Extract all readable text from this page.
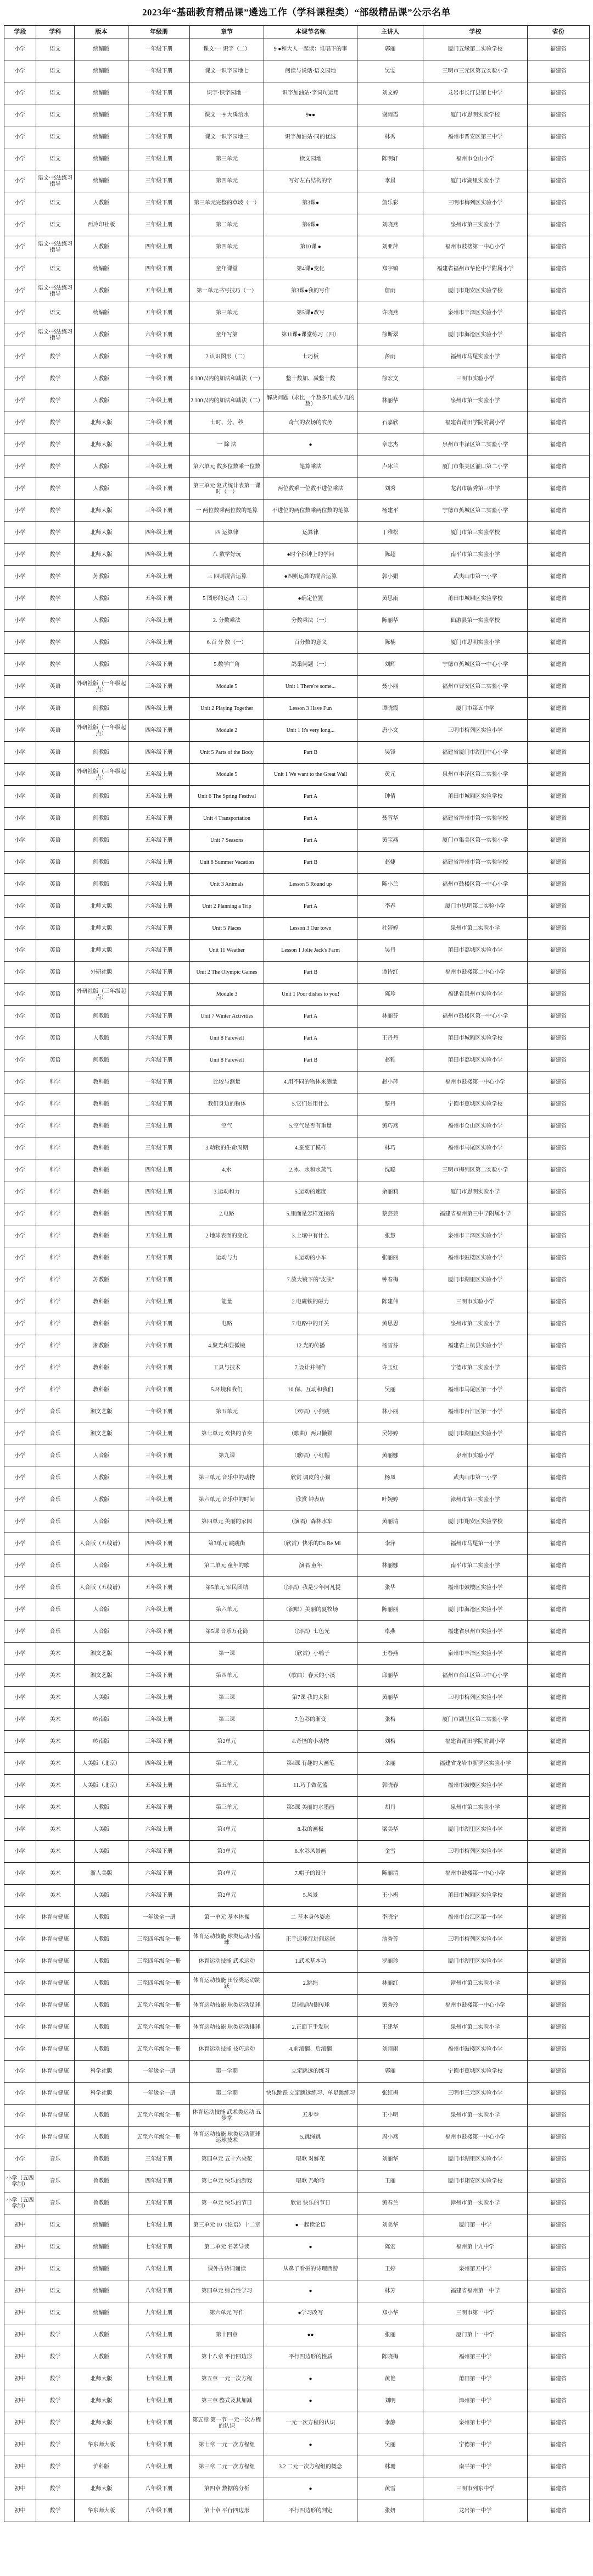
2023年“基础教育精品课”遴选工作（学科课程类）“部级精品课”公示名单
学段	学科	版本	年级册	章节	本课节名称	主讲人	学校	省份
小学	语文	统编版	一年级下册	课文·一 识字（二）	9 ●和大人一起读：谁唱下的事	郭丽	厦门五缘第二实验学校	福建省
小学	语文	统编版	一年级下册	课文一识字园地七	阅读与说话·语文园地	吴雯	三明市三元区第五实验小学	福建省
小学	语文	统编版	一年级下册	识字·识字园地一	识字加油站·字词句运用	刘文婷	龙岩市长汀县第七中学	福建省
小学	语文	统编版	二年级下册	课文一·9 大禹治水	9●●	谢雨霞	厦门市思明实验学校	福建省
小学	语文	统编版	二年级下册	课文一识字园地三	识字加油站·同的优选	林秀	福州市晋安区第三中学	福建省
小学	语文	统编版	三年级上册	第三单元	读文园地	陈明轩	福州市仓山小学	福建省
小学	语文·书法练习指导	统编版	三年级下册	第四单元	写好左右结构的字	李晨	厦门市湖里实验小学	福建省
小学	语文	人教版	三年级下册	第三单元完整的草坡（一）	第3课●	詹乐彩	三明市梅列区实验小学	福建省
小学	语文	西冷印社版	三年级上册	第二单元	第6课●	刘晓燕	泉州市第三实验小学	福建省
小学	语文·书法练习指导	人教版	四年级上册	第四单元	第10课 ●	刘亚萍	福州市鼓楼第一中心小学	福建省
小学	语文	统编版	四年级下册	童年课堂	第4课●变化	郑宇镇	福建省福州市华伦中学附属小学	福建省
小学	语文·书法练习指导	人教版	五年级上册	第一单元书写技巧（一）	第3课●我的写作	詹雨	厦门市翔安区实验学校	福建省
小学	语文	统编版	五年级下册	第三单元	第5课●改写	许晓燕	泉州市丰泽区实验小学	福建省
小学	语文·书法练习指导	人教版	六年级下册	童年写第	第11课●课堂练习（四）	徐斯翠	厦门市海沧区实验小学	福建省
小学	数学	人教版	一年级下册	2.认识图形（二）	七巧板	彭雨	福州市马尾实验小学	福建省
小学	数学	人教版	一年级下册	6.100以内的加法和减法（一）	整十数加、减整十数	徐宏文	三明市实验小学	福建省
小学	数学	人教版	二年级上册	2.100以内的加法和减法（二）	解决问题（求比一个数多几或少几的数）	林丽华	泉州市第一实验小学	福建省
小学	数学	北师大版	二年级下册	七时、分、秒	奇气的农场的农务	石嘉欣	福建省莆田学院附属小学	福建省
小学	数学	北师大版	三年级上册	一 除 法	●	章志杰	泉州市丰泽区第二实验小学	福建省
小学	数学	人教版	三年级上册	第六单元 数多位数乘一位数	笔算乘法	卢冰兰	厦门市集美区灌口第二小学	福建省
小学	数学	人教版	三年级下册	第三单元 复式统计表第一课时（一）	两位数乘一位数不进位乘法	刘秀	龙岩市毓秀第三中学	福建省
小学	数学	北师大版	三年级下册	一 两位数乘两位数的笔算	不进位的两位数乘两位数的笔算	杨建平	宁德市蕉城区第二实验小学	福建省
小学	数学	北师大版	四年级上册	四 运算律	运算律	丁雅松	厦门市第三实验学校	福建省
小学	数学	北师大版	四年级上册	八 数学好玩	●时个秒钟上的学问	陈超	南平市第二实验小学	福建省
小学	数学	苏教版	五年级上册	三 四则混合运算	●四则运算的混合运算	郭小娟	武夷山市第一小学	福建省
小学	数学	人教版	五年级下册	5 图形的运动（三）	●确定位置	黄思雨	莆田市城厢区实验学校	福建省
小学	数学	人教版	六年级上册	2. 分数乘法	分数乘法（一）	陈丽华	仙游县第一实验学校	福建省
小学	数学	人教版	六年级上册	6.百 分 数（一）	百分数的意义	陈楠	厦门市思明实验小学	福建省
小学	数学	人教版	六年级下册	5.数学广角	鸽巢问题（一）	刘辉	宁德市蕉城区第一中心小学	福建省
小学	英语	外研社版（一年级起点）	三年级下册	Module 5	Unit 1 There're some...	聂小丽	福州市晋安区第二实验小学	福建省
小学	英语	闽教版	四年级上册	Unit 2 Playing Together	Lesson 3 Have Fun	谭晓霞	厦门市第五中学	福建省
小学	英语	外研社版（一年级起点）	四年级下册	Module 2	Unit 1 It's very long...	唐小文	三明市梅列区实验小学	福建省
小学	英语	闽教版	四年级下册	Unit 5 Parts of the Body	Part B	吴锋	福建省厦门市湖里中心小学	福建省
小学	英语	外研社版（三年级起点）	五年级上册	Module 5	Unit 1 We want to the Great Wall	黄元	泉州市丰泽区第二实验小学	福建省
小学	英语	闽教版	五年级上册	Unit 6 The Spring Festival	Part A	钟倩	莆田市城厢区实验学校	福建省
小学	英语	闽教版	五年级下册	Unit 4 Transportation	Part A	聂蓉华	福建省漳州市第一实验学校	福建省
小学	英语	闽教版	五年级下册	Unit 7 Seasons	Part A	黄宝燕	厦门市集美区第一实验小学	福建省
小学	英语	闽教版	六年级上册	Unit 8 Summer Vacation	Part B	赵婕	福建省漳州市第一实验学校	福建省
小学	英语	闽教版	六年级上册	Unit 3 Animals	Lesson 5 Round up	陈小兰	福州市鼓楼区第一中心小学	福建省
小学	英语	北师大版	六年级上册	Unit 2 Planning a Trip	Part A	李春	厦门市思明第二实验小学	福建省
小学	英语	北师大版	六年级下册	Unit 5 Places	Lesson 3 Our town	杜婷婷	泉州市第二实验小学	福建省
小学	英语	北师大版	六年级下册	Unit 11 Weather	Lesson 1 Jolie Jack's Farm	吴丹	莆田市荔城区实验小学	福建省
小学	英语	外研社版	六年级下册	Unit 2 The Olympic Games	Part B	谭诗红	福州市鼓楼第二中心小学	福建省
小学	英语	外研社版（三年级起点）	六年级下册	Module 3	Unit 1 Poor dishes to you!	陈珍	福建省泉州市实验小学	福建省
小学	英语	闽教版	六年级下册	Unit 7 Winter Activities	Part A	林丽芬	福州市鼓楼区第一中心小学	福建省
小学	英语	人教版	六年级下册	Unit 8 Farewell	Part A	王丹丹	莆田市城厢区实验学校	福建省
小学	英语	闽教版	六年级下册	Unit 8 Farewell	Part B	赵雅	莆田市荔城区实验小学	福建省
小学	科学	教科版	一年级下册	比较与测量	4.用不同的物体来测量	赵小萍	福州市鼓楼第一中心小学	福建省
小学	科学	教科版	二年级下册	我们身边的物体	5.它们是用什么	蔡丹	宁德市蕉城区实验学校	福建省
小学	科学	教科版	三年级上册	空气	5.空气是否有重量	黄巧燕	福州市仓山区实验小学	福建省
小学	科学	教科版	三年级下册	3.动物的生命周期	4.蚕变了模样	林巧	福州市马尾区实验小学	福建省
小学	科学	教科版	四年级上册	4.水	2.冰、水和水蒸气	沈聪	三明市梅列区第二实验小学	福建省
小学	科学	教科版	四年级上册	3.运动和力	5.运动的速度	余丽莉	厦门市思明实验小学	福建省
小学	科学	教科版	四年级下册	2.电路	5.里面是怎样连接的	蔡芸芸	福建省福州第三中学附属小学	福建省
小学	科学	教科版	五年级上册	2.地球表面的变化	3.土壤中有什么	张慧	泉州市丰泽区实验小学	福建省
小学	科学	教科版	五年级下册	运动与力	6.运动的小车	张丽丽	福州市鼓楼区实验小学	福建省
小学	科学	苏教版	五年级下册		7.放大镜下的"皮肤"	钟春梅	厦门市湖里区实验小学	福建省
小学	科学	教科版	六年级上册	能量	2.电磁铁的磁力	陈建伟	三明市实验小学	福建省
小学	科学	教科版	六年级下册	电路	7.电路中的开关	黄思思	泉州市第二实验小学	福建省
小学	科学	湘教版	六年级下册	4.聚光和显微镜	12.光的传播	杨雪芬	福建省上杭县实验小学	福建省
小学	科学	教科版	六年级下册	工具与技术	7.设计并制作	许玉红	宁德市第二实验小学	福建省
小学	科学	教科版	六年级下册	5.环境和我们	10.保、互动和我们	吴丽	福州市马尾区第一小学	福建省
小学	音乐	湘文艺版	一年级下册	第五单元	（欢唱）小熊跳	林小丽	福州市台江区第一小学	福建省
小学	音乐	湘文艺版	二年级上册	第七单元 欢快的节奏	（歌曲）两只懒猫	吴婷婷	厦门市湖里区实验小学	福建省
小学	音乐	人音版	三年级下册	第九课	（歌唱）小红帽	黄丽娜	泉州市实验小学	福建省
小学	音乐	人教版	三年级上册	第三单元 音乐中的动物	欣赏 调皮的小猫	杨凤	武夷山市第一小学	福建省
小学	音乐	人教版	三年级上册	第六单元 音乐中的时间	欣赏 钟表店	叶婉婷	漳州市第三实验小学	福建省
小学	音乐	人音版	四年级上册	第四单元 美丽的家园	（演唱）森林水车	黄丽清	厦门市翔安区实验学校	福建省
小学	音乐	人音版（五线谱）	四年级下册	第3单元 跳跳街	（欣赏）快乐的Do Re Mi	李萍	福州市马尾第一小学	福建省
小学	音乐	人音版	五年级上册	第二单元 童年的歌	演唱 童年	林丽娜	南平市第二实验小学	福建省
小学	音乐	人音版（五线谱）	五年级下册	第5单元 军民团结	（演唱）我是少年阿凡提	张华	福州市鼓楼区实验小学	福建省
小学	音乐	人音版	六年级上册	第六单元	（演唱）美丽的夏牧场	陈丽丽	厦门市海沧区实验小学	福建省
小学	音乐	人音版	六年级下册	第5课 音乐万花筒	（演唱）七色光	卓燕	福建省泉州市实验小学	福建省
小学	美术	湘文艺版	一年级下册	第一课	（欣赏）小鸭子	王春燕	泉州市丰泽区实验小学	福建省
小学	美术	湘文艺版	二年级下册	第四单元	（歌曲）春天的小溪	邱丽华	福州市台江区第三中心小学	福建省
小学	美术	人美版	三年级上册	第三课	第7课 我的太阳	黄丽华	三明市梅列区实验小学	福建省
小学	美术	岭南版	三年级上册	第三课	7.色彩的渐变	张梅	厦门市湖里区第二实验小学	福建省
小学	美术	岭南版	三年级下册	第2单元	4.奇怪的小动物	刘梅	福建省莆田学院附属小学	福建省
小学	美术	人美版（北京）	四年级上册	第二单元	第4课 有趣的大画笔	余丽	福建省龙岩市新罗区实验小学	福建省
小学	美术	人美版（北京）	五年级上册	第五单元	11.巧手做花篮	郭晓春	福州市鼓楼区实验小学	福建省
小学	美术	人教版	五年级下册	第三单元	第5课 美丽的水墨画	胡丹	泉州市第二实验小学	福建省
小学	美术	人美版	六年级上册	第4单元	8.我的画板	梁美华	厦门市湖里区实验小学	福建省
小学	美术	人美版	六年级下册	第3单元	6.水彩风景画	金雪	三明市梅列区实验小学	福建省
小学	美术	浙人美版	六年级下册	第4单元	7.帽子的设计	陈丽清	福州市鼓楼第一中心小学	福建省
小学	美术	人美版	六年级下册	第2单元	5.风景	王小梅	莆田市城厢区实验学校	福建省
小学	体育与健康	人教版	一年级全一册	第一单元 基本体操	二 基本身体姿态	李晓宁	福州市台江区第一小学	福建省
小学	体育与健康	人教版	三至四年级全一册	体育运动技能 球类运动小篮球	正手运球行进间运球	池秀芳	三明市梅列区实验小学	福建省
小学	体育与健康	人教版	三至四年级全一册	体育运动技能 武术运动	1.武术基本功	罗丽珍	厦门市湖里区实验小学	福建省
小学	体育与健康	人教版	三至四年级全一册	体育运动技能 田径类运动跳跃	2.跳绳	林丽红	漳州市第三实验小学	福建省
小学	体育与健康	人教版	五至六年级全一册	体育运动技能 球类运动足球	足球脚内侧传球	黄秀玲	福州市鼓楼第一中心小学	福建省
小学	体育与健康	人教版	五至六年级全一册	体育运动技能 球类运动排球	2.正面下手发球	王建华	泉州市第二实验小学	福建省
小学	体育与健康	人教版	五至六年级全一册	体育运动技能 技巧运动	4.前滚翻、后滚翻	刘雨雨	福州市鼓楼区实验小学	福建省
小学	体育与健康	科学社版	一年级全一册	第一学期	立定跳远的练习	郭丽	宁德市蕉城区实验学校	福建省
小学	体育与健康	科学社版	一年级全一册	第二学期	快乐跳跃 立定跳远练习、单足跳练习	张红梅	三明市三元区实验小学	福建省
小学	体育与健康	人教版	五至六年级全一册	体育运动技能 武术类运动 五步拳	五步拳	王小明	泉州市第一实验小学	福建省
小学	体育与健康	人教版	五至六年级全一册	体育运动技能 球类运动篮球 运球技术	5.跳绳跳	周小燕	福州市鼓楼第一中心小学	福建省
小学	音乐	鲁教版	三年级下册	第四单元 五十六朵花	唱歌 对鲜花	刘丽华	厦门市湖里区实验小学	福建省
小学（五四学制）	音乐	鲁教版	四年级下册	第七单元 快乐的游戏	唱歌 乃哈哈	王丽	厦门市翔安区实验学校	福建省
小学（五四学制）	音乐	鲁教版	五年级下册	第一单元 快乐的节日	欣赏 快乐的节日	黄春兰	漳州市第一实验小学	福建省
初中	语文	统编版	七年级上册	第三单元 10《论语》十二章	●一起读论语	刘美华	厦门第一中学	福建省
初中	语文	统编版	七年级下册	第二单元 名著导读	●	陈宏	福州第十九中学	福建省
初中	语文	统编版	八年级上册	课外古诗词诵读	从鼻子看拼的诗理西游	王婷	泉州第五中学	福建省
初中	语文	统编版	八年级下册	第四单元 综合性学习	●	林芳	福建省福州第一中学	福建省
初中	语文	统编版	九年级上册	第六单元 写作	●学习改写	郑小华	三明市第一中学	福建省
初中	数学	人教版	八年级上册	第十四章	●●	张丽	厦门第十一中学	福建省
初中	数学	人教版	八年级下册	第十八章 平行四边形	平行四边形的性质	陈晓梅	福州第三中学	福建省
初中	数学	北师大版	七年级上册	第五章 一元一次方程	●	黄艳	莆田第一中学	福建省
初中	数学	北师大版	七年级上册	第三章 整式及其加减	●	刘明	漳州第一中学	福建省
初中	数学	北师大版	七年级下册	第五章 第一节 一元一次方程的认识	一元一次方程的认识	李静	泉州第七中学	福建省
初中	数学	华东师大版	七年级下册	第七章 一元一次方程组	●	吴丽	宁德第一中学	福建省
初中	数学	沪科版	八年级上册	第三章 二元一次方程组	3.2 二元一次方程组的概念	林珊	南平第一中学	福建省
初中	数学	北师大版	八年级下册	第四章 数据的分析	●	黄雪	三明市列东中学	福建省
初中	数学	华东师大版	八年级下册	第十章 平行四边形	平行四边形的判定	张妍	龙岩第一中学	福建省
